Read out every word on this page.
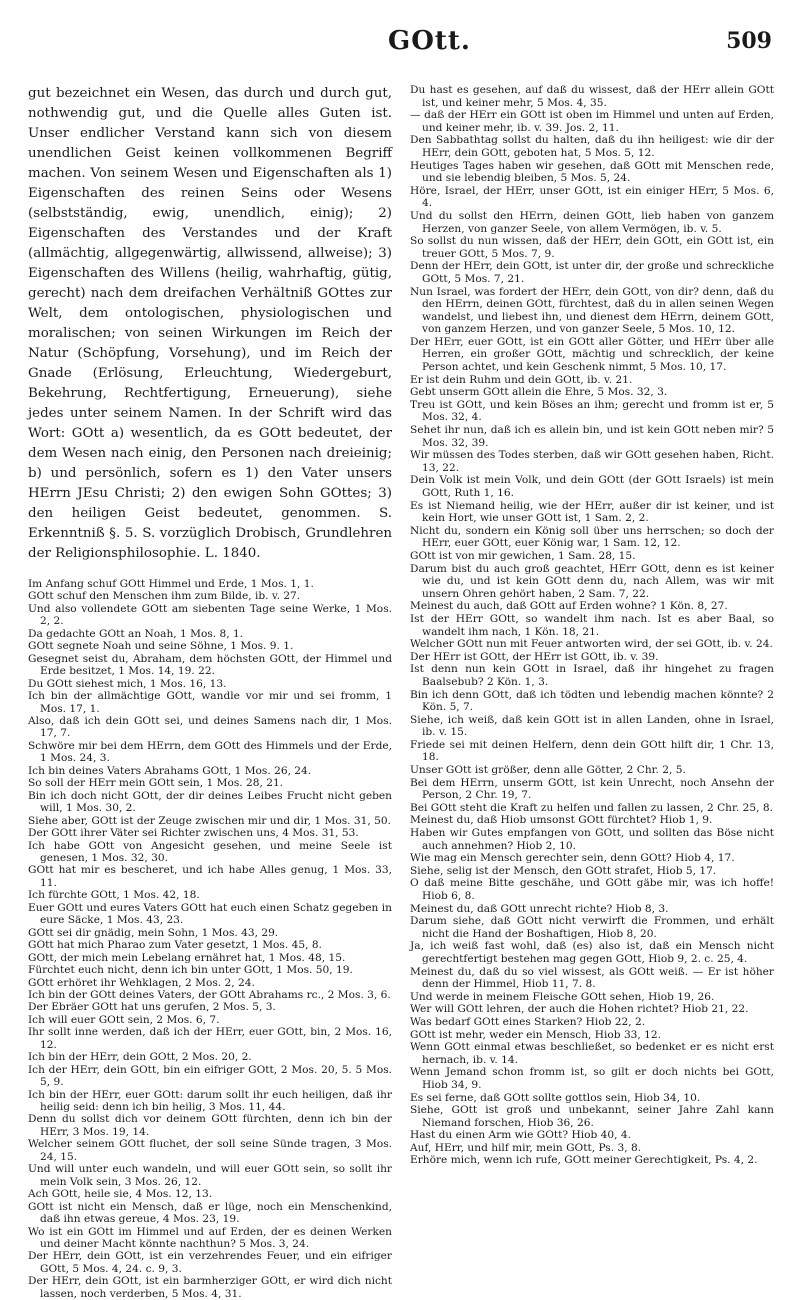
GOtt.	509

gut bezeichnet ein Wesen, das durch und durch gut, nothwendig gut, und die Quelle alles Guten ist. Unser endlicher Verstand kann sich von diesem unendlichen Geist keinen vollkommenen Begriff machen. Von seinem Wesen und Eigenschaften als 1) Eigenschaften des reinen Seins oder Wesens (selbstständig, ewig, unendlich, einig); 2) Eigenschaften des Verstandes und der Kraft (allmächtig, allgegenwärtig, allwissend, allweise); 3) Eigenschaften des Willens (heilig, wahrhaftig, gütig, gerecht) nach dem dreifachen Verhältniß GOttes zur Welt, dem ontologischen, physiologischen und moralischen; von seinen Wirkungen im Reich der Natur (Schöpfung, Vorsehung), und im Reich der Gnade (Erlösung, Erleuchtung, Wiedergeburt, Bekehrung, Rechtfertigung, Erneuerung), siehe jedes unter seinem Namen. In der Schrift wird das Wort: GOtt a) wesentlich, da es GOtt bedeutet, der dem Wesen nach einig, den Personen nach dreieinig; b) und persönlich, sofern es 1) den Vater unsers HErrn JEsu Christi; 2) den ewigen Sohn GOttes; 3) den heiligen Geist bedeutet, genommen. S. Erkenntniß §. 5. S. vorzüglich Drobisch, Grundlehren der Religionsphilosophie. L. 1840.

Im Anfang schuf GOtt Himmel und Erde, 1 Mos. 1, 1.

GOtt schuf den Menschen ihm zum Bilde, ib. v. 27.

Und also vollendete GOtt am siebenten Tage seine Werke, 1 Mos. 2, 2.

Da gedachte GOtt an Noah, 1 Mos. 8, 1.

GOtt segnete Noah und seine Söhne, 1 Mos. 9. 1.

Gesegnet seist du, Abraham, dem höchsten GOtt, der Himmel und Erde besitzet, 1 Mos. 14, 19. 22.

Du GOtt siehest mich, 1 Mos. 16, 13.

Ich bin der allmächtige GOtt, wandle vor mir und sei fromm, 1 Mos. 17, 1.

Also, daß ich dein GOtt sei, und deines Samens nach dir, 1 Mos. 17, 7.

Schwöre mir bei dem HErrn, dem GOtt des Himmels und der Erde, 1 Mos. 24, 3.

Ich bin deines Vaters Abrahams GOtt, 1 Mos. 26, 24.

So soll der HErr mein GOtt sein, 1 Mos. 28, 21.

Bin ich doch nicht GOtt, der dir deines Leibes Frucht nicht geben will, 1 Mos. 30, 2.

Siehe aber, GOtt ist der Zeuge zwischen mir und dir, 1 Mos. 31, 50.

Der GOtt ihrer Väter sei Richter zwischen uns, 4 Mos. 31, 53.

Ich habe GOtt von Angesicht gesehen, und meine Seele ist genesen, 1 Mos. 32, 30.

GOtt hat mir es bescheret, und ich habe Alles genug, 1 Mos. 33, 11.

Ich fürchte GOtt, 1 Mos. 42, 18.

Euer GOtt und eures Vaters GOtt hat euch einen Schatz gegeben in eure Säcke, 1 Mos. 43, 23.

GOtt sei dir gnädig, mein Sohn, 1 Mos. 43, 29.

GOtt hat mich Pharao zum Vater gesetzt, 1 Mos. 45, 8.

GOtt, der mich mein Lebelang ernähret hat, 1 Mos. 48, 15.

Fürchtet euch nicht, denn ich bin unter GOtt, 1 Mos. 50, 19.

GOtt erhöret ihr Wehklagen, 2 Mos. 2, 24.

Ich bin der GOtt deines Vaters, der GOtt Abrahams rc., 2 Mos. 3, 6.

Der Ebräer GOtt hat uns gerufen, 2 Mos. 5, 3.

Ich will euer GOtt sein, 2 Mos. 6, 7.

Ihr sollt inne werden, daß ich der HErr, euer GOtt, bin, 2 Mos. 16, 12.

Ich bin der HErr, dein GOtt, 2 Mos. 20, 2.

Ich der HErr, dein GOtt, bin ein eifriger GOtt, 2 Mos. 20, 5. 5 Mos. 5, 9.

Ich bin der HErr, euer GOtt: darum sollt ihr euch heiligen, daß ihr heilig seid: denn ich bin heilig, 3 Mos. 11, 44.

Denn du sollst dich vor deinem GOtt fürchten, denn ich bin der HErr, 3 Mos. 19, 14.

Welcher seinem GOtt fluchet, der soll seine Sünde tragen, 3 Mos. 24, 15.

Und will unter euch wandeln, und will euer GOtt sein, so sollt ihr mein Volk sein, 3 Mos. 26, 12.

Ach GOtt, heile sie, 4 Mos. 12, 13.

GOtt ist nicht ein Mensch, daß er lüge, noch ein Menschenkind, daß ihn etwas gereue, 4 Mos. 23, 19.

Wo ist ein GOtt im Himmel und auf Erden, der es deinen Werken und deiner Macht könnte nachthun? 5 Mos. 3, 24.

Der HErr, dein GOtt, ist ein verzehrendes Feuer, und ein eifriger GOtt, 5 Mos. 4, 24. c. 9, 3.

Der HErr, dein GOtt, ist ein barmherziger GOtt, er wird dich nicht lassen, noch verderben, 5 Mos. 4, 31.

Du hast es gesehen, auf daß du wissest, daß der HErr allein GOtt ist, und keiner mehr, 5 Mos. 4, 35.

— daß der HErr ein GOtt ist oben im Himmel und unten auf Erden, und keiner mehr, ib. v. 39. Jos. 2, 11.

Den Sabbathtag sollst du halten, daß du ihn heiligest: wie dir der HErr, dein GOtt, geboten hat, 5 Mos. 5, 12.

Heutiges Tages haben wir gesehen, daß GOtt mit Menschen rede, und sie lebendig bleiben, 5 Mos. 5, 24.

Höre, Israel, der HErr, unser GOtt, ist ein einiger HErr, 5 Mos. 6, 4.

Und du sollst den HErrn, deinen GOtt, lieb haben von ganzem Herzen, von ganzer Seele, von allem Vermögen, ib. v. 5.

So sollst du nun wissen, daß der HErr, dein GOtt, ein GOtt ist, ein treuer GOtt, 5 Mos. 7, 9.

Denn der HErr, dein GOtt, ist unter dir, der große und schreckliche GOtt, 5 Mos. 7, 21.

Nun Israel, was fordert der HErr, dein GOtt, von dir? denn, daß du den HErrn, deinen GOtt, fürchtest, daß du in allen seinen Wegen wandelst, und liebest ihn, und dienest dem HErrn, deinem GOtt, von ganzem Herzen, und von ganzer Seele, 5 Mos. 10, 12.

Der HErr, euer GOtt, ist ein GOtt aller Götter, und HErr über alle Herren, ein großer GOtt, mächtig und schrecklich, der keine Person achtet, und kein Geschenk nimmt, 5 Mos. 10, 17.

Er ist dein Ruhm und dein GOtt, ib. v. 21.

Gebt unserm GOtt allein die Ehre, 5 Mos. 32, 3.

Treu ist GOtt, und kein Böses an ihm; gerecht und fromm ist er, 5 Mos. 32, 4.

Sehet ihr nun, daß ich es allein bin, und ist kein GOtt neben mir? 5 Mos. 32, 39.

Wir müssen des Todes sterben, daß wir GOtt gesehen haben, Richt. 13, 22.

Dein Volk ist mein Volk, und dein GOtt (der GOtt Israels) ist mein GOtt, Ruth 1, 16.

Es ist Niemand heilig, wie der HErr, außer dir ist keiner, und ist kein Hort, wie unser GOtt ist, 1 Sam. 2, 2.

Nicht du, sondern ein König soll über uns herrschen; so doch der HErr, euer GOtt, euer König war, 1 Sam. 12, 12.

GOtt ist von mir gewichen, 1 Sam. 28, 15.

Darum bist du auch groß geachtet, HErr GOtt, denn es ist keiner wie du, und ist kein GOtt denn du, nach Allem, was wir mit unsern Ohren gehört haben, 2 Sam. 7, 22.

Meinest du auch, daß GOtt auf Erden wohne? 1 Kön. 8, 27.

Ist der HErr GOtt, so wandelt ihm nach. Ist es aber Baal, so wandelt ihm nach, 1 Kön. 18, 21.

Welcher GOtt nun mit Feuer antworten wird, der sei GOtt, ib. v. 24.

Der HErr ist GOtt, der HErr ist GOtt, ib. v. 39.

Ist denn nun kein GOtt in Israel, daß ihr hingehet zu fragen Baalsebub? 2 Kön. 1, 3.

Bin ich denn GOtt, daß ich tödten und lebendig machen könnte? 2 Kön. 5, 7.

Siehe, ich weiß, daß kein GOtt ist in allen Landen, ohne in Israel, ib. v. 15.

Friede sei mit deinen Helfern, denn dein GOtt hilft dir, 1 Chr. 13, 18.

Unser GOtt ist größer, denn alle Götter, 2 Chr. 2, 5.

Bei dem HErrn, unserm GOtt, ist kein Unrecht, noch Ansehn der Person, 2 Chr. 19, 7.

Bei GOtt steht die Kraft zu helfen und fallen zu lassen, 2 Chr. 25, 8.

Meinest du, daß Hiob umsonst GOtt fürchtet? Hiob 1, 9.

Haben wir Gutes empfangen von GOtt, und sollten das Böse nicht auch annehmen? Hiob 2, 10.

Wie mag ein Mensch gerechter sein, denn GOtt? Hiob 4, 17.

Siehe, selig ist der Mensch, den GOtt strafet, Hiob 5, 17.

O daß meine Bitte geschähe, und GOtt gäbe mir, was ich hoffe! Hiob 6, 8.

Meinest du, daß GOtt unrecht richte? Hiob 8, 3.

Darum siehe, daß GOtt nicht verwirft die Frommen, und erhält nicht die Hand der Boshaftigen, Hiob 8, 20.

Ja, ich weiß fast wohl, daß (es) also ist, daß ein Mensch nicht gerechtfertigt bestehen mag gegen GOtt, Hiob 9, 2. c. 25, 4.

Meinest du, daß du so viel wissest, als GOtt weiß. — Er ist höher denn der Himmel, Hiob 11, 7. 8.

Und werde in meinem Fleische GOtt sehen, Hiob 19, 26.

Wer will GOtt lehren, der auch die Hohen richtet? Hiob 21, 22.

Was bedarf GOtt eines Starken? Hiob 22, 2.

GOtt ist mehr, weder ein Mensch, Hiob 33, 12.

Wenn GOtt einmal etwas beschließet, so bedenket er es nicht erst hernach, ib. v. 14.

Wenn Jemand schon fromm ist, so gilt er doch nichts bei GOtt, Hiob 34, 9.

Es sei ferne, daß GOtt sollte gottlos sein, Hiob 34, 10.

Siehe, GOtt ist groß und unbekannt, seiner Jahre Zahl kann Niemand forschen, Hiob 36, 26.

Hast du einen Arm wie GOtt? Hiob 40, 4.

Auf, HErr, und hilf mir, mein GOtt, Ps. 3, 8.

Erhöre mich, wenn ich rufe, GOtt meiner Gerechtigkeit, Ps. 4, 2.
